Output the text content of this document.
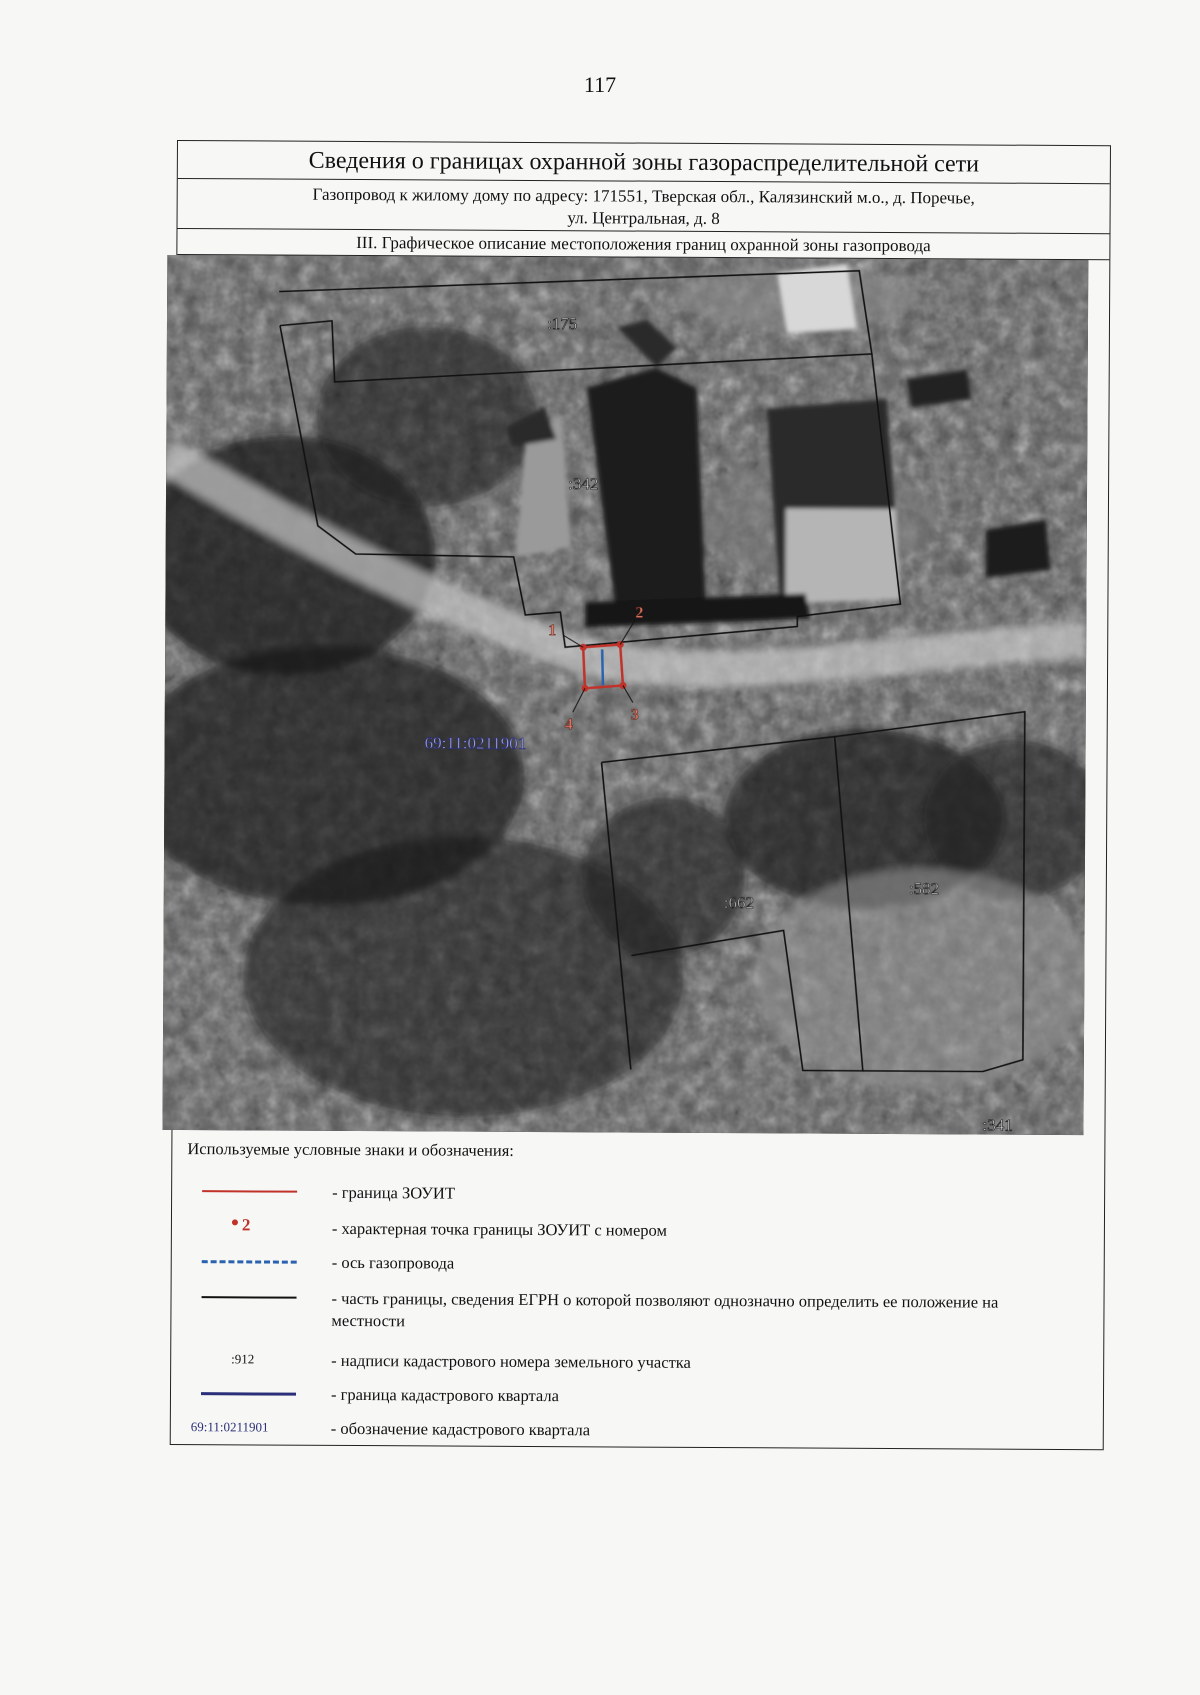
117
Сведения о границах охранной зоны газораспределительной сети
Газопровод к жилому дому по адресу: 171551, Тверская обл., Калязинский м.о., д. Поречье,
ул. Центральная, д. 8
III. Графическое описание местоположения границ охранной зоны газопровода
:175
:342
:662
:582
:341
69:11:0211901
1
2
3
4
Используемые условные знаки и обозначения:
- граница ЗОУИТ
2	- характерная точка границы ЗОУИТ с номером
- ось газопровода
- часть границы, сведения ЕГРН о которой позволяют однозначно определить ее положение на местности
:912	- надписи кадастрового номера земельного участка
- граница кадастрового квартала
69:11:0211901	- обозначение кадастрового квартала
